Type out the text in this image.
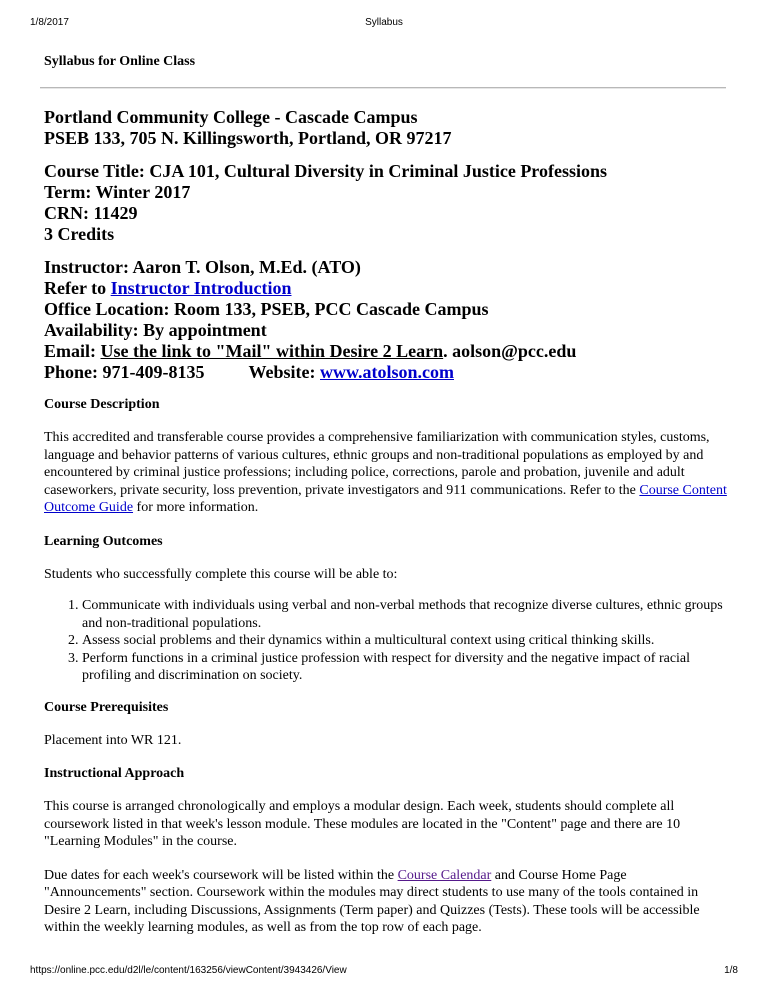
1/8/2017	Syllabus
Syllabus for Online Class
Portland Community College - Cascade Campus
PSEB 133, 705 N. Killingsworth, Portland, OR 97217
Course Title: CJA 101, Cultural Diversity in Criminal Justice Professions
Term: Winter 2017
CRN: 11429
3 Credits
Instructor: Aaron T. Olson, M.Ed. (ATO)
Refer to Instructor Introduction
Office Location: Room 133, PSEB, PCC Cascade Campus
Availability: By appointment
Email: Use the link to "Mail" within Desire 2 Learn. aolson@pcc.edu
Phone: 971-409-8135 Website: www.atolson.com
Course Description

This accredited and transferable course provides a comprehensive familiarization with communication styles, customs, language and behavior patterns of various cultures, ethnic groups and non-traditional populations as employed by and encountered by criminal justice professions; including police, corrections, parole and probation, juvenile and adult caseworkers, private security, loss prevention, private investigators and 911 communications. Refer to the Course Content Outcome Guide for more information.

Learning Outcomes

Students who successfully complete this course will be able to:

1. Communicate with individuals using verbal and non-verbal methods that recognize diverse cultures, ethnic groups and non-traditional populations.
2. Assess social problems and their dynamics within a multicultural context using critical thinking skills.
3. Perform functions in a criminal justice profession with respect for diversity and the negative impact of racial profiling and discrimination on society.
Course Prerequisites

Placement into WR 121.

Instructional Approach

This course is arranged chronologically and employs a modular design. Each week, students should complete all coursework listed in that week's lesson module. These modules are located in the "Content" page and there are 10 "Learning Modules" in the course.

Due dates for each week's coursework will be listed within the Course Calendar and Course Home Page "Announcements" section. Coursework within the modules may direct students to use many of the tools contained in Desire 2 Learn, including Discussions, Assignments (Term paper) and Quizzes (Tests). These tools will be accessible within the weekly learning modules, as well as from the top row of each page.

https://online.pcc.edu/d2l/le/content/163256/viewContent/3943426/View	1/8
